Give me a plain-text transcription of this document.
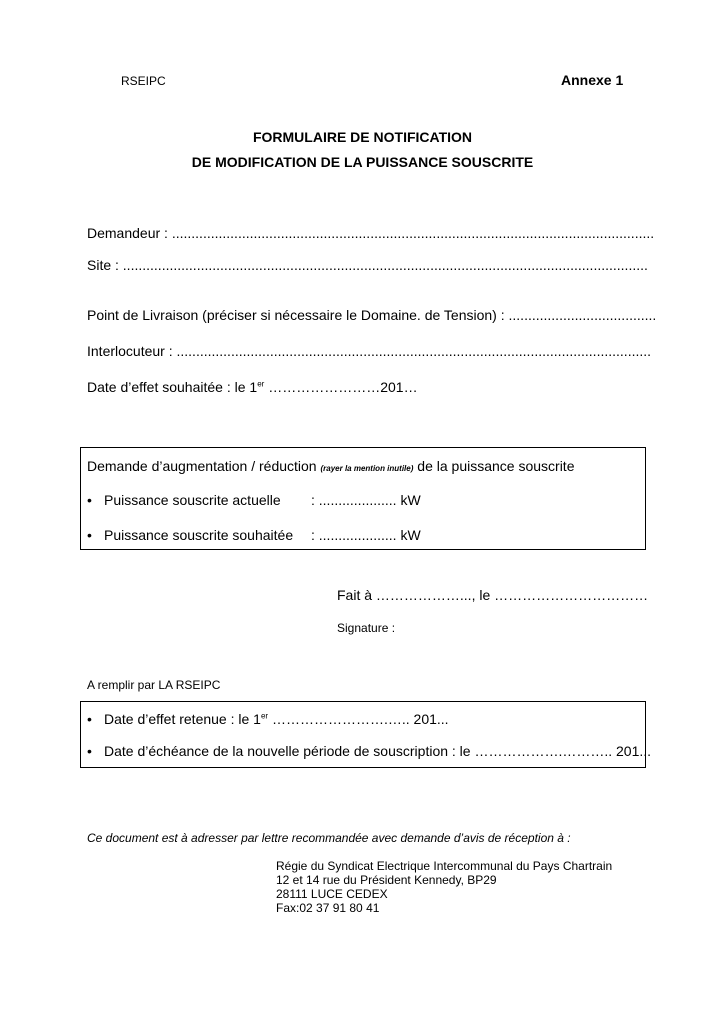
RSEIPC	Annexe 1
FORMULAIRE DE NOTIFICATION
DE MODIFICATION DE LA PUISSANCE SOUSCRITE
Demandeur : ............................................................................................................................
Site : .......................................................................................................................................
Point de Livraison (préciser si nécessaire le Domaine. de Tension) : ......................................
Interlocuteur : ..........................................................................................................................
Date d’effet souhaitée : le 1er ……………………201…
Demande d’augmentation / réduction (rayer la mention inutile) de la puissance souscrite
• Puissance souscrite actuelle : .................... kW
• Puissance souscrite souhaitée : .................... kW
Fait à ………………..., le ……………………………
Signature :
A remplir par LA RSEIPC
• Date d’effet retenue : le 1er …………………….….. 201...
• Date d’échéance de la nouvelle période de souscription : le ……………….……….. 201...
Ce document est à adresser par lettre recommandée avec demande d’avis de réception à :
Régie du Syndicat Electrique Intercommunal du Pays Chartrain
12 et 14 rue du Président Kennedy, BP29
28111 LUCE CEDEX
Fax:02 37 91 80 41
